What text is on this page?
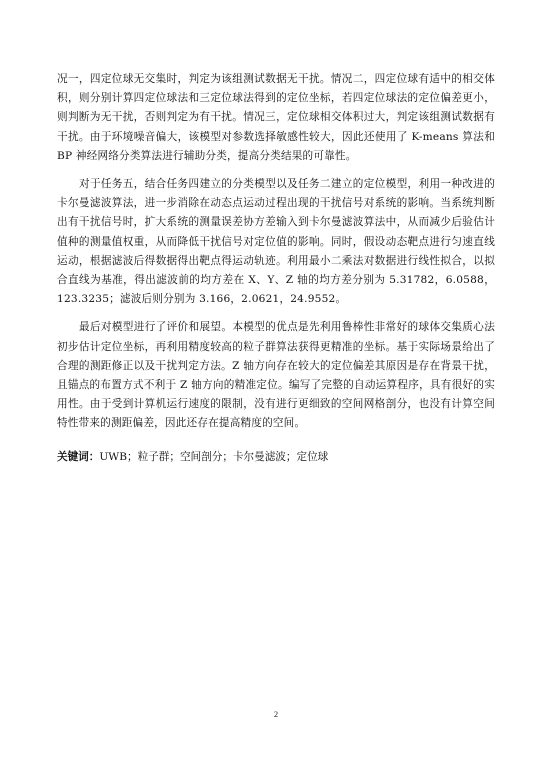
况一，四定位球无交集时，判定为该组测试数据无干扰。情况二，四定位球有适中的相交体积，则分别计算四定位球法和三定位球法得到的定位坐标，若四定位球法的定位偏差更小，则判断为无干扰，否则判定为有干扰。情况三，定位球相交体积过大，判定该组测试数据有干扰。由于环境噪音偏大，该模型对参数选择敏感性较大，因此还使用了 K-means 算法和 BP 神经网络分类算法进行辅助分类，提高分类结果的可靠性。

对于任务五，结合任务四建立的分类模型以及任务二建立的定位模型，利用一种改进的卡尔曼滤波算法，进一步消除在动态点运动过程出现的干扰信号对系统的影响。当系统判断出有干扰信号时，扩大系统的测量误差协方差输入到卡尔曼滤波算法中，从而减少后验估计值种的测量值权重，从而降低干扰信号对定位值的影响。同时，假设动态靶点进行匀速直线运动，根据滤波后得数据得出靶点得运动轨迹。利用最小二乘法对数据进行线性拟合，以拟合直线为基准，得出滤波前的均方差在 X、Y、Z 轴的均方差分别为 5.31782，6.0588，123.3235；滤波后则分别为 3.166，2.0621，24.9552。

最后对模型进行了评价和展望。本模型的优点是先利用鲁棒性非常好的球体交集质心法初步估计定位坐标，再利用精度较高的粒子群算法获得更精准的坐标。基于实际场景给出了合理的测距修正以及干扰判定方法。Z 轴方向存在较大的定位偏差其原因是存在背景干扰，且锚点的布置方式不利于 Z 轴方向的精准定位。编写了完整的自动运算程序，具有很好的实用性。由于受到计算机运行速度的限制，没有进行更细致的空间网格剖分，也没有计算空间特性带来的测距偏差，因此还存在提高精度的空间。

关键词：UWB；粒子群；空间剖分；卡尔曼滤波；定位球
2
